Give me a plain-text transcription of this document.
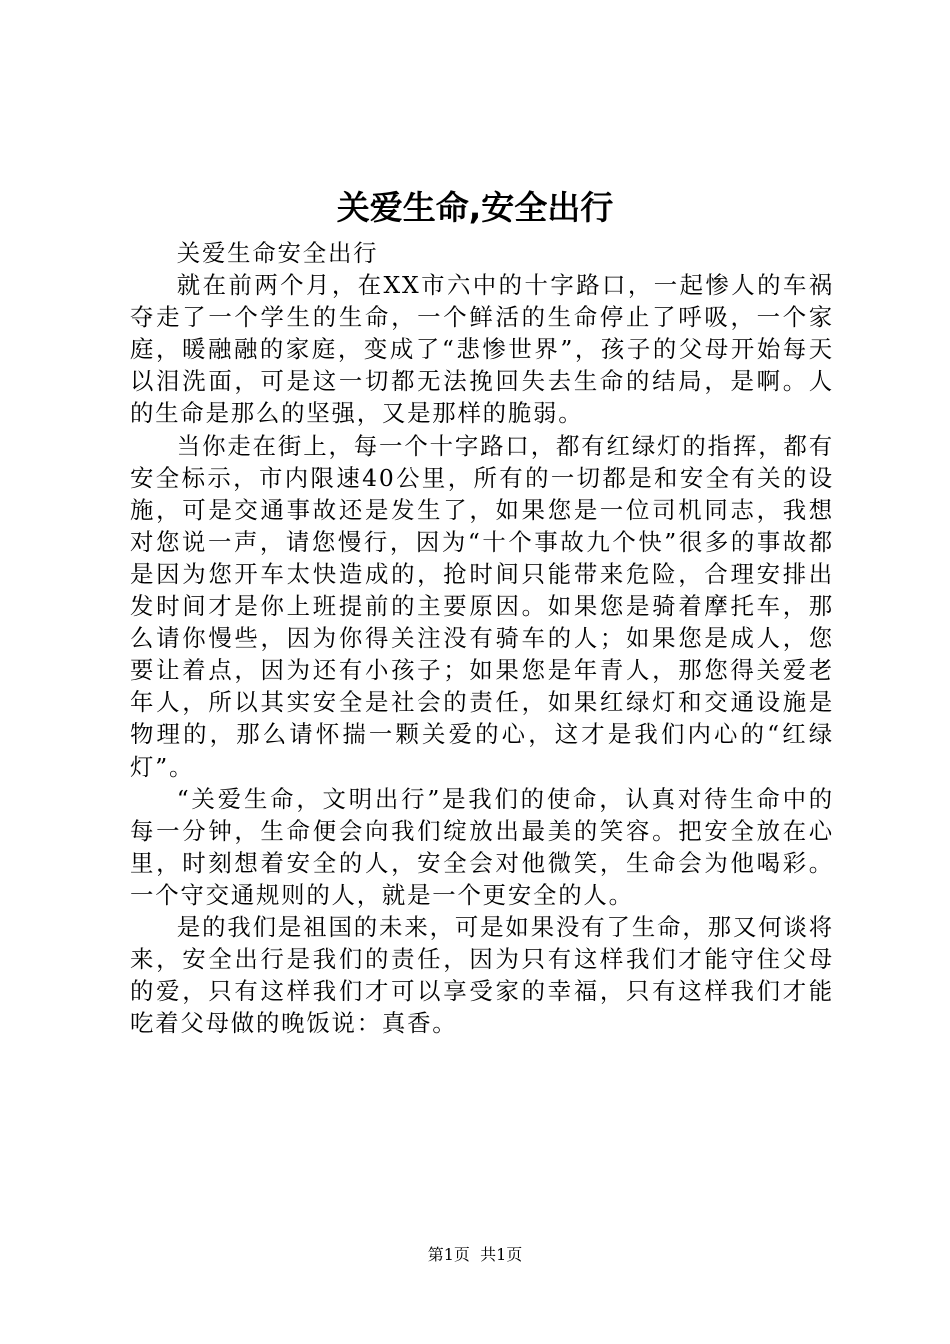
关爱生命,安全出行

关爱生命安全出行

就在前两个月，在XX市六中的十字路口，一起惨人的车祸夺走了一个学生的生命，一个鲜活的生命停止了呼吸，一个家庭，暖融融的家庭，变成了“悲惨世界”，孩子的父母开始每天以泪洗面，可是这一切都无法挽回失去生命的结局，是啊。人的生命是那么的坚强，又是那样的脆弱。

当你走在街上，每一个十字路口，都有红绿灯的指挥，都有安全标示，市内限速40公里，所有的一切都是和安全有关的设施，可是交通事故还是发生了，如果您是一位司机同志，我想对您说一声，请您慢行，因为“十个事故九个快”很多的事故都是因为您开车太快造成的，抢时间只能带来危险，合理安排出发时间才是你上班提前的主要原因。如果您是骑着摩托车，那么请你慢些，因为你得关注没有骑车的人；如果您是成人，您要让着点，因为还有小孩子；如果您是年青人，那您得关爱老年人，所以其实安全是社会的责任，如果红绿灯和交通设施是物理的，那么请怀揣一颗关爱的心，这才是我们内心的“红绿灯”。

“关爱生命，文明出行”是我们的使命，认真对待生命中的每一分钟，生命便会向我们绽放出最美的笑容。把安全放在心里，时刻想着安全的人，安全会对他微笑，生命会为他喝彩。一个守交通规则的人，就是一个更安全的人。

是的我们是祖国的未来，可是如果没有了生命，那又何谈将来，安全出行是我们的责任，因为只有这样我们才能守住父母的爱，只有这样我们才可以享受家的幸福，只有这样我们才能吃着父母做的晚饭说：真香。

第1页 共1页
